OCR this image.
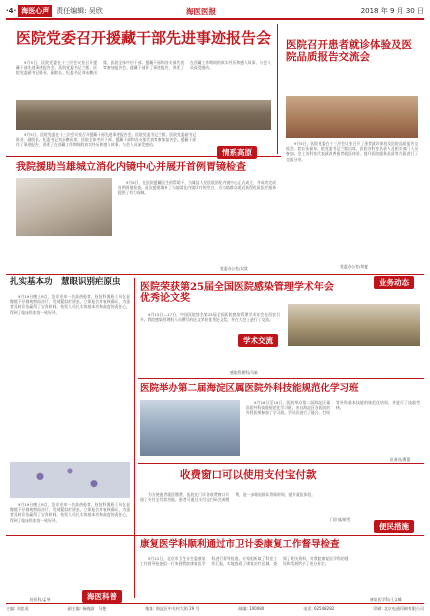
·4· 海医心声	责任编辑: 吴欣	海医医报	2018 年 9 月 30 日
医院党委召开援藏干部先进事迹报告会

9月5日，医院党委在十三层会议室召开援藏干部先进事迹报告会。医院党委书记兰熙、医院党委副书记陈亚、副院长、纪委书记刘永鹏出席，医院全体中层干部、援藏干部和各支部代表等参加报告会。援藏干部作了事迹报告，讲述了在西藏工作期间的真实经历和感人故事，与会人员深受感动。

9月5日，医院党委在十三层会议室召开援藏干部先进事迹报告会。医院党委书记兰熙、医院党委副书记陈亚、副院长、纪委书记刘永鹏出席，医院全体中层干部、援藏干部和各支部代表等参加报告会。援藏干部作了事迹报告，讲述了在西藏工作期间的真实经历和感人故事，与会人员深受感动。

情系高原
医院召开患者就诊体验及医院品质报告交流会

9月5日，医院党委在十三层会议室召开了患者就诊体验及医院品质报告交流会。院长张福泉、院党委书记兰熙出席，医院各科室负责人及相关部门人员参加。会上各科室代表就改善患者就医体验、提升医院服务品质等方面进行了交流分享。

党委办公室/刘斐
业务动态
我院援助当雄城立消化内镜中心并展开首例胃镜检查

9月6日，在医院援藏医生的帮助下，当雄县人民医院消化内镜中心正式成立，并成功完成首例胃镜检查。此次援建填补了当地消化内镜诊疗的空白，为当地群众就近获得优质医疗服务提供了有力保障。

党委办公室/吴欣
扎实基本功　慧眼识别疟原虫

9月19日晚上8点，急诊送来一名高热患者。检验科值班人员在显微镜下仔细观察血涂片，发现疑似疟原虫，立即报告并复核确认，为患者及时诊治赢得了宝贵时间。检验人员扎实的基本功和高度的责任心，得到了临床科室的一致好评。

9月19日晚上8点，急诊送来一名高热患者。检验科值班人员在显微镜下仔细观察血涂片，发现疑似疟原虫，立即报告并复核确认，为患者及时诊治赢得了宝贵时间。检验人员扎实的基本功和高度的责任心，得到了临床科室的一致好评。

检验科/孟琴	海医科普
医院荣获第25届全国医院感染管理学术年会优秀论文奖

9月15日—17日，中国医院协会第25届全国医院感染管理学术年会在西安召开。我院感染管理科人员撰写的论文荣获优秀论文奖，并在大会上进行了交流。

感染管理科/马新
学术交流
医院举办第二届海淀区属医院外科技能规范化学习班

9月18日至19日，医院举办第二届海淀区属医院外科技能规范化学习班。来自海淀区各医院的外科医师参加了学习班。学员们进行了缝合、打结等外科基本技能的规范化培训，并进行了技能考核。

医务处/曹蕾
收费窗口可以使用支付宝付款

为方便患者就医缴费，医院在门诊各收费窗口开通了支付宝付款功能，患者可通过支付宝扫码完成缴费，进一步缩短排队等候时间，提升就医体验。

门诊部/胡雪
便民措施
康复医学科顺利通过市卫计委康复工作督导检查

9月21日，北京市卫生计生委康复工作督导检查组一行来到我院康复医学科进行督导检查。专家组听取了科室工作汇报，实地查看了康复治疗区域，查阅了相关资料，对我院康复医学科的建设和发展给予了充分肯定。

康复医学科/王文峰
主编: 刘忠英	副主编: 杨晓淑　马艳	地址: 海淀区中关村大街 29 号	邮编: 100080	电话: 62548282	印刷: 北京电通印刷有限公司
